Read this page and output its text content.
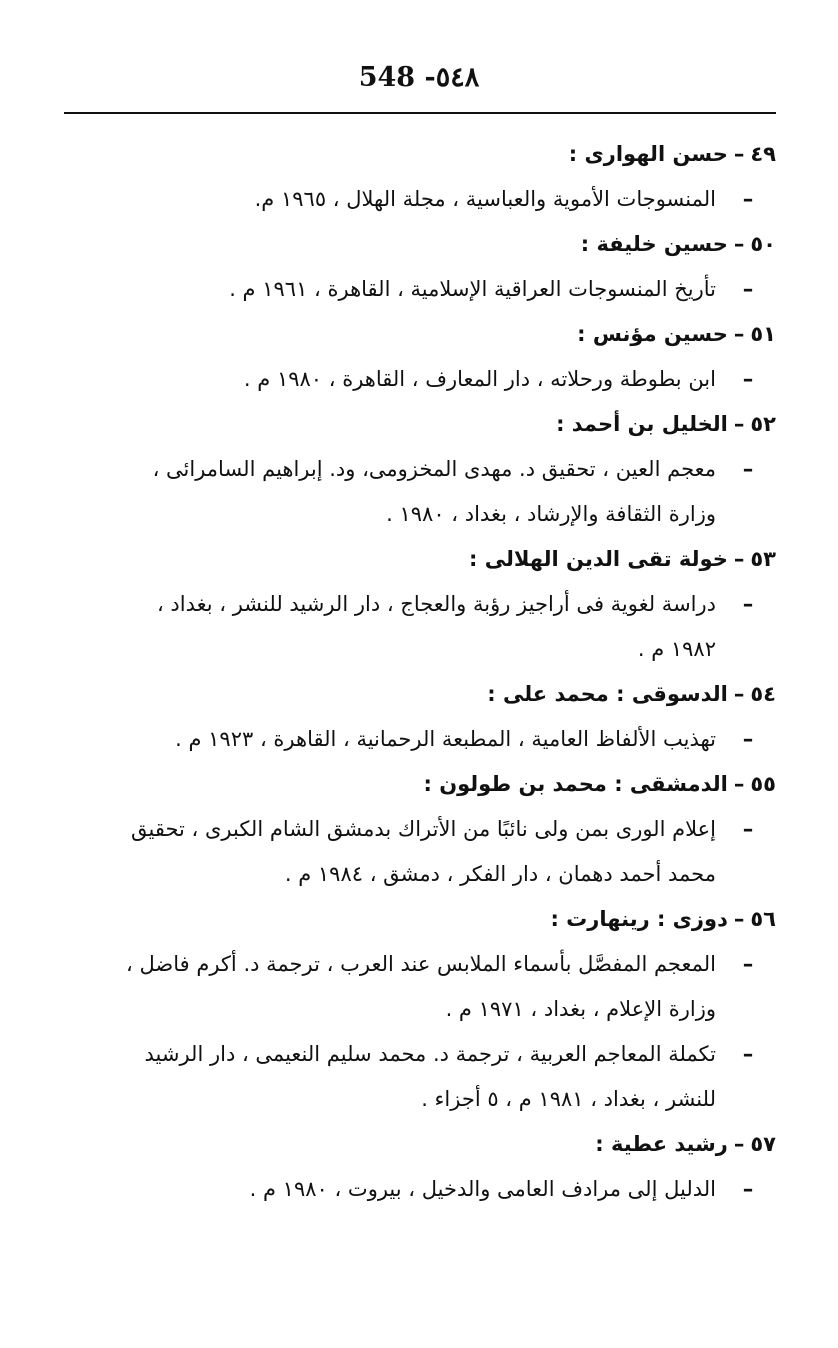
548 -٥٤٨
٤٩–حسن الهوارى :
–
المنسوجات الأموية والعباسية ، مجلة الهلال ، ١٩٦٥ م.
٥٠–حسين خليفة :
–
تأريخ المنسوجات العراقية الإسلامية ، القاهرة ، ١٩٦١ م .
٥١–حسين مؤنس :
–
ابن بطوطة ورحلاته ، دار المعارف ، القاهرة ، ١٩٨٠ م .
٥٢–الخليل بن أحمد :
–
معجم العين ، تحقيق د. مهدى المخزومى، ود. إبراهيم السامرائى ،
وزارة الثقافة والإرشاد ، بغداد ، ١٩٨٠ .
٥٣–خولة تقى الدين الهلالى :
–
دراسة لغوية فى أراجيز رؤبة والعجاج ، دار الرشيد للنشر ، بغداد ،
١٩٨٢ م .
٥٤–الدسوقى : محمد على :
–
تهذيب الألفاظ العامية ، المطبعة الرحمانية ، القاهرة ، ١٩٢٣ م .
٥٥–الدمشقى : محمد بن طولون :
–
إعلام الورى بمن ولى نائبًا من الأتراك بدمشق الشام الكبرى ، تحقيق
محمد أحمد دهمان ، دار الفكر ، دمشق ، ١٩٨٤ م .
٥٦–دوزى : رينهارت :
–
المعجم المفصَّل بأسماء الملابس عند العرب ، ترجمة د. أكرم فاضل ،
وزارة الإعلام ، بغداد ، ١٩٧١ م .
–
تكملة المعاجم العربية ، ترجمة د. محمد سليم النعيمى ، دار الرشيد
للنشر ، بغداد ، ١٩٨١ م ، ٥ أجزاء .
٥٧–رشيد عطية :
–
الدليل إلى مرادف العامى والدخيل ، بيروت ، ١٩٨٠ م .
